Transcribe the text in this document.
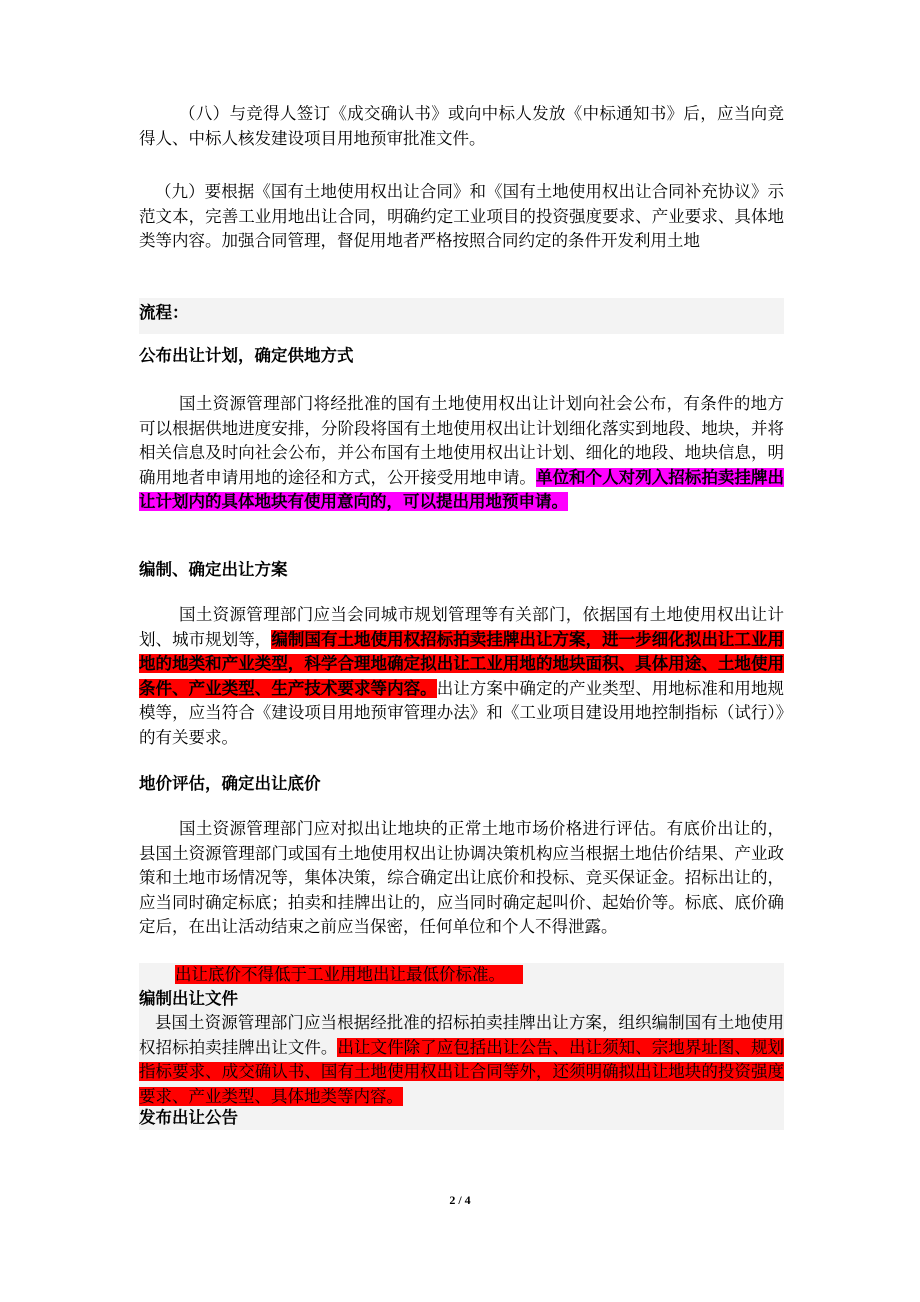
（八）与竞得人签订《成交确认书》或向中标人发放《中标通知书》后，应当向竞得人、中标人核发建设项目用地预审批准文件。

（九）要根据《国有土地使用权出让合同》和《国有土地使用权出让合同补充协议》示范文本，完善工业用地出让合同，明确约定工业项目的投资强度要求、产业要求、具体地类等内容。加强合同管理，督促用地者严格按照合同约定的条件开发利用土地

流程：
公布出让计划，确定供地方式

国土资源管理部门将经批准的国有土地使用权出让计划向社会公布，有条件的地方可以根据供地进度安排，分阶段将国有土地使用权出让计划细化落实到地段、地块，并将相关信息及时向社会公布，并公布国有土地使用权出让计划、细化的地段、地块信息，明确用地者申请用地的途径和方式，公开接受用地申请。单位和个人对列入招标拍卖挂牌出让计划内的具体地块有使用意向的，可以提出用地预申请。

编制、确定出让方案

国土资源管理部门应当会同城市规划管理等有关部门，依据国有土地使用权出让计划、城市规划等，编制国有土地使用权招标拍卖挂牌出让方案，进一步细化拟出让工业用地的地类和产业类型，科学合理地确定拟出让工业用地的地块面积、具体用途、土地使用条件、产业类型、生产技术要求等内容。出让方案中确定的产业类型、用地标准和用地规模等，应当符合《建设项目用地预审管理办法》和《工业项目建设用地控制指标（试行）》的有关要求。

地价评估，确定出让底价

国土资源管理部门应对拟出让地块的正常土地市场价格进行评估。有底价出让的，县国土资源管理部门或国有土地使用权出让协调决策机构应当根据土地估价结果、产业政策和土地市场情况等，集体决策，综合确定出让底价和投标、竞买保证金。招标出让的，应当同时确定标底；拍卖和挂牌出让的，应当同时确定起叫价、起始价等。标底、底价确定后，在出让活动结束之前应当保密，任何单位和个人不得泄露。

出让底价不得低于工业用地出让最低价标准。
编制出让文件

县国土资源管理部门应当根据经批准的招标拍卖挂牌出让方案，组织编制国有土地使用权招标拍卖挂牌出让文件。出让文件除了应包括出让公告、出让须知、宗地界址图、规划指标要求、成交确认书、国有土地使用权出让合同等外，还须明确拟出让地块的投资强度要求、产业类型、具体地类等内容。

发布出让公告
2 / 4
